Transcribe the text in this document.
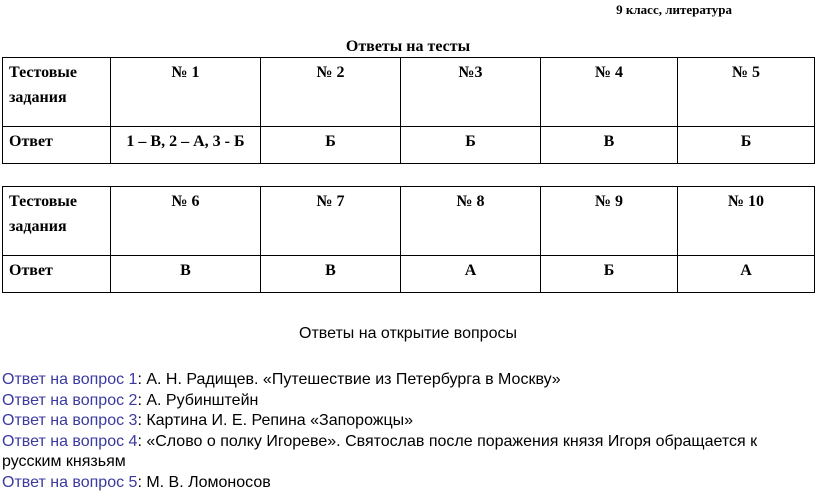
9 класс, литература
Ответы на тесты
Тестовые задания	№ 1	№ 2	№3	№ 4	№ 5
Ответ	1 – В, 2 – А, 3 - Б	Б	Б	В	Б
Тестовые задания	№ 6	№ 7	№ 8	№ 9	№ 10
Ответ	В	В	А	Б	А
Ответы на открытие вопросы

Ответ на вопрос 1: А. Н. Радищев. «Путешествие из Петербурга в Москву»

Ответ на вопрос 2: А. Рубинштейн

Ответ на вопрос 3: Картина И. Е. Репина «Запорожцы»

Ответ на вопрос 4: «Слово о полку Игореве». Святослав после поражения князя Игоря обращается к русским князьям

Ответ на вопрос 5: М. В. Ломоносов
